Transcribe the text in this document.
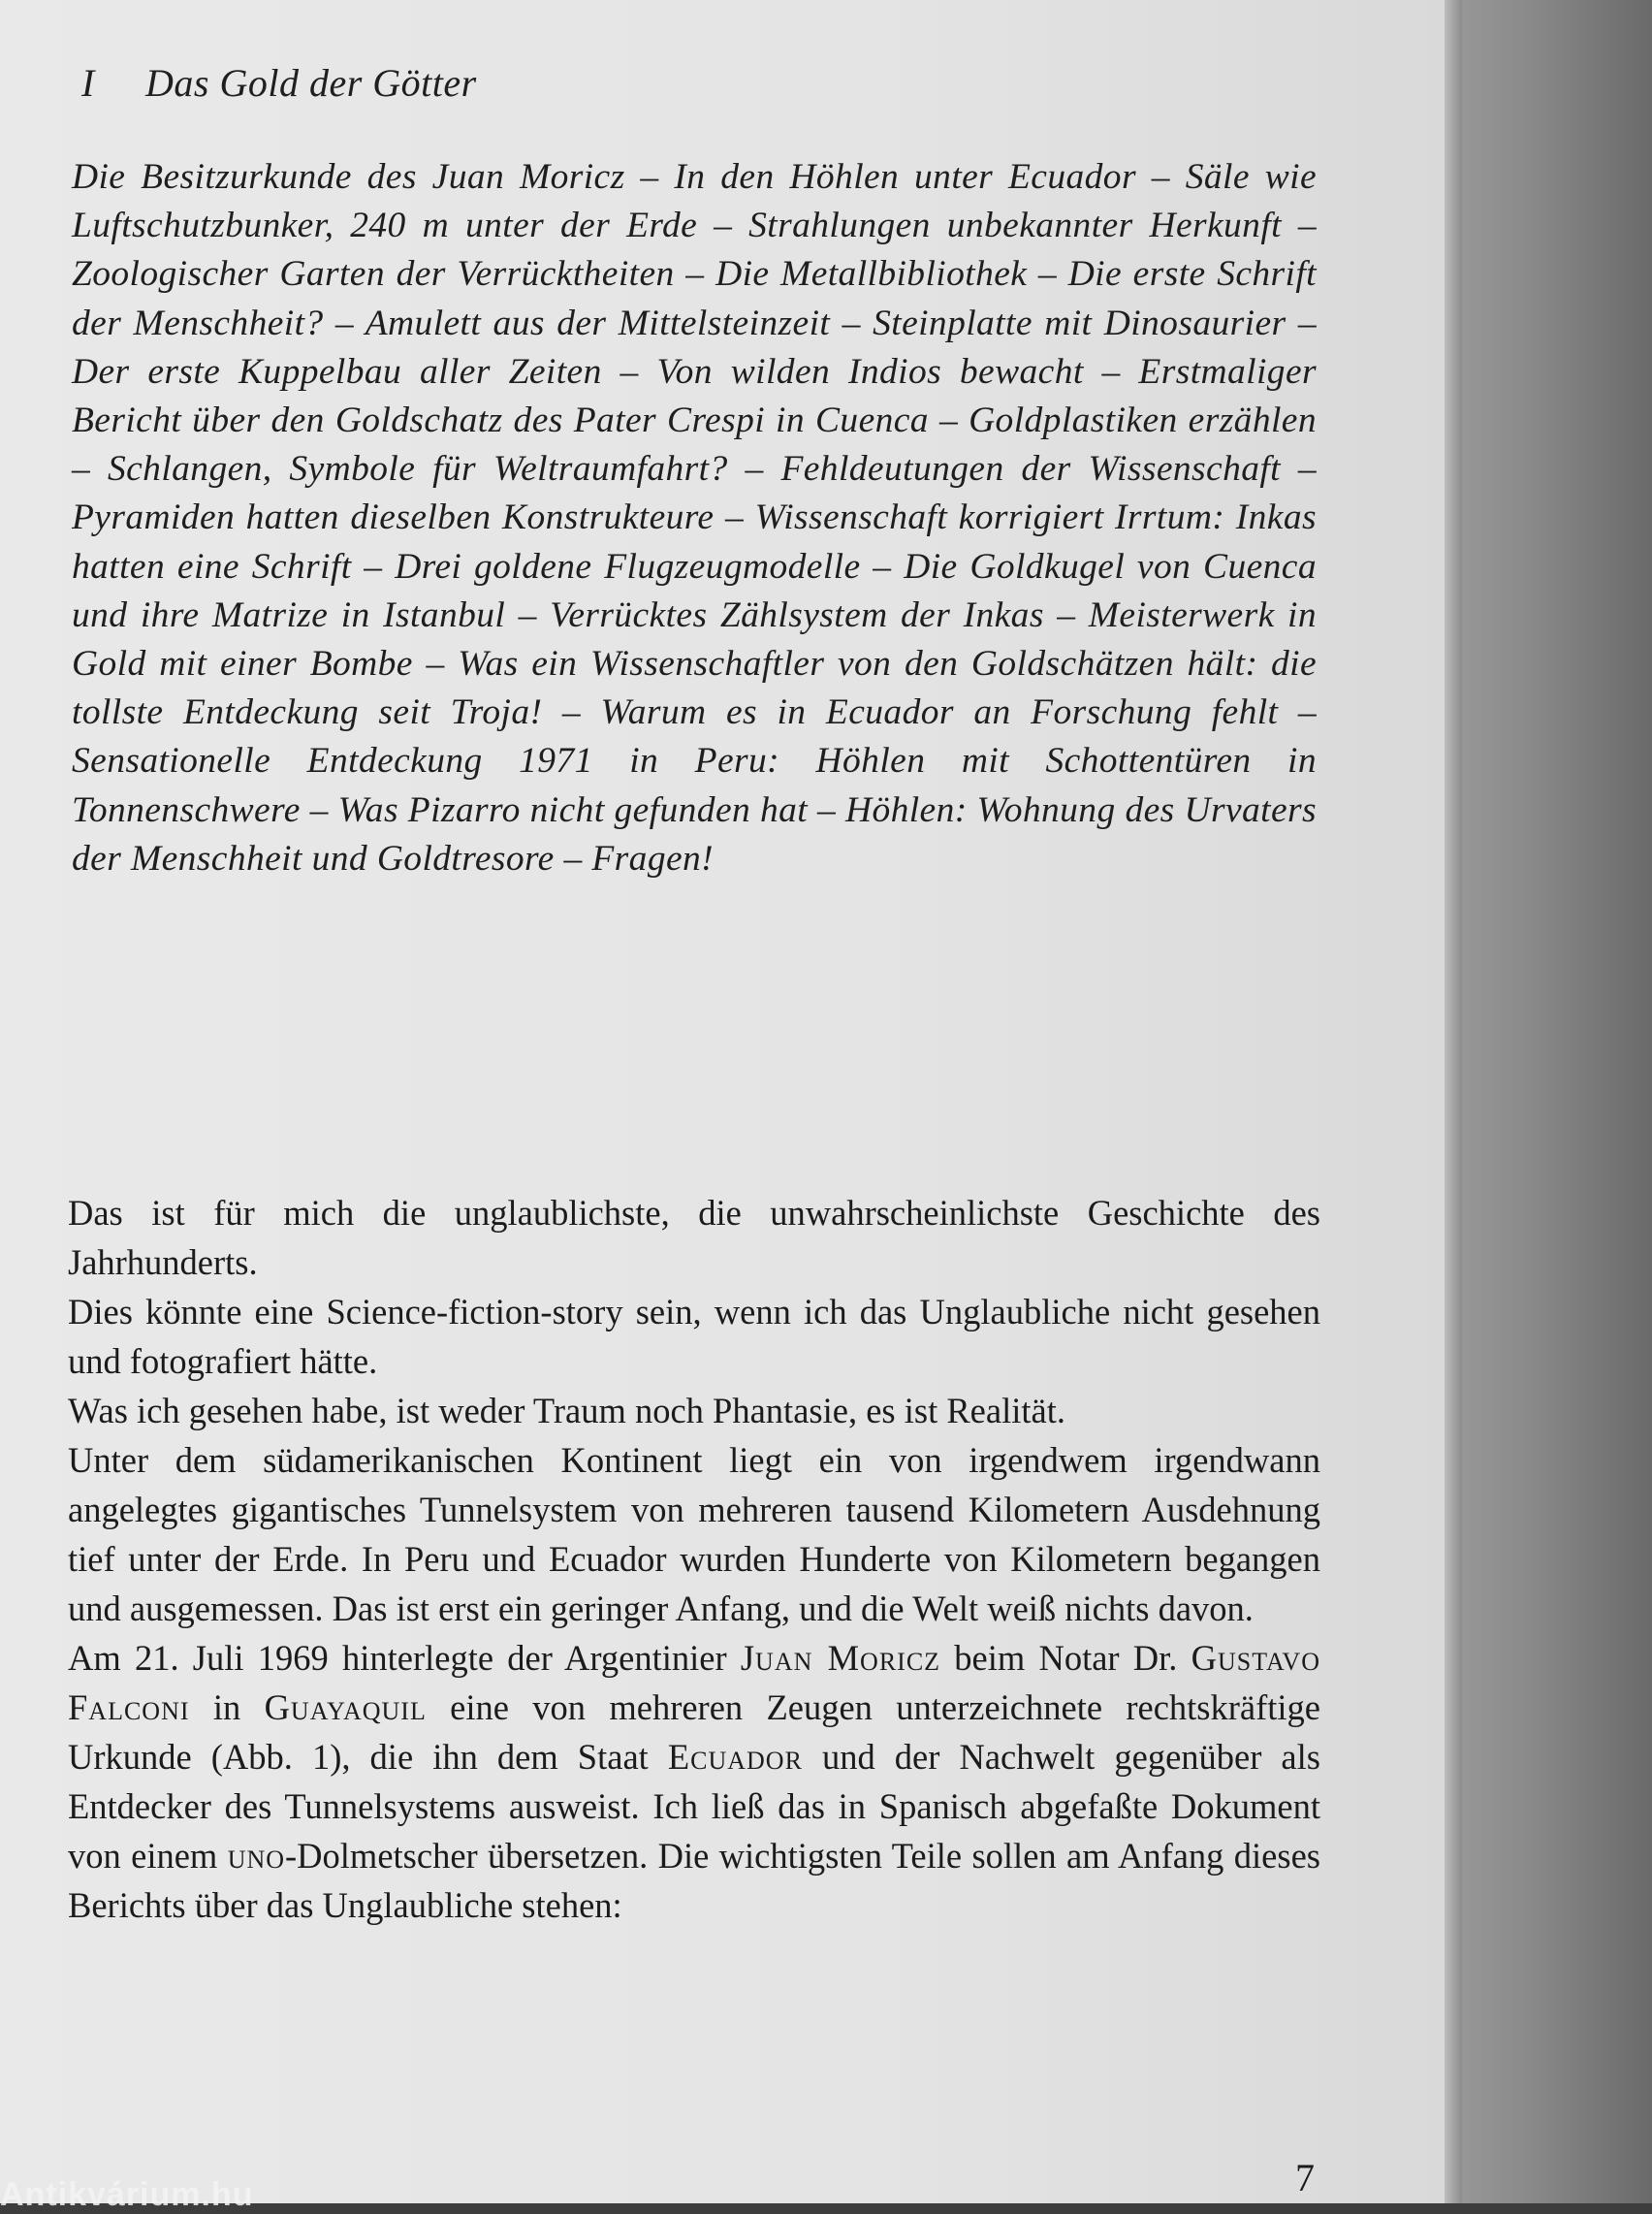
I Das Gold der Götter
Die Besitzurkunde des Juan Moricz – In den Höhlen unter Ecuador – Säle wie Luftschutzbunker, 240 m unter der Erde – Strahlungen unbekannter Herkunft – Zoologischer Garten der Verrücktheiten – Die Metallbibliothek – Die erste Schrift der Menschheit? – Amulett aus der Mittelsteinzeit – Steinplatte mit Dinosaurier – Der erste Kuppelbau aller Zeiten – Von wilden Indios bewacht – Erstmaliger Bericht über den Goldschatz des Pater Crespi in Cuenca – Goldplastiken erzählen – Schlangen, Symbole für Weltraumfahrt? – Fehldeutungen der Wissenschaft – Pyramiden hatten dieselben Konstrukteure – Wissenschaft korrigiert Irrtum: Inkas hatten eine Schrift – Drei goldene Flugzeugmodelle – Die Goldkugel von Cuenca und ihre Matrize in Istanbul – Verrücktes Zählsystem der Inkas – Meisterwerk in Gold mit einer Bombe – Was ein Wissenschaftler von den Goldschätzen hält: die tollste Entdeckung seit Troja! – Warum es in Ecuador an Forschung fehlt – Sensationelle Entdeckung 1971 in Peru: Höhlen mit Schottentüren in Tonnenschwere – Was Pizarro nicht gefunden hat – Höhlen: Wohnung des Urvaters der Menschheit und Goldtresore – Fragen!

Das ist für mich die unglaublichste, die unwahrscheinlichste Geschichte des Jahrhunderts.

Dies könnte eine Science-fiction-story sein, wenn ich das Unglaubliche nicht gesehen und fotografiert hätte.

Was ich gesehen habe, ist weder Traum noch Phantasie, es ist Realität.

Unter dem südamerikanischen Kontinent liegt ein von irgendwem irgendwann angelegtes gigantisches Tunnelsystem von mehreren tausend Kilometern Ausdehnung tief unter der Erde. In Peru und Ecuador wurden Hunderte von Kilometern begangen und ausgemessen. Das ist erst ein geringer Anfang, und die Welt weiß nichts davon.

Am 21. Juli 1969 hinterlegte der Argentinier Juan Moricz beim Notar Dr. Gustavo Falconi in Guayaquil eine von mehreren Zeugen unterzeichnete rechtskräftige Urkunde (Abb. 1), die ihn dem Staat Ecuador und der Nachwelt gegenüber als Entdecker des Tunnelsystems ausweist. Ich ließ das in Spanisch abgefaßte Dokument von einem uno-Dolmetscher übersetzen. Die wichtigsten Teile sollen am Anfang dieses Berichts über das Unglaubliche stehen:

7
Antikvárium.hu
